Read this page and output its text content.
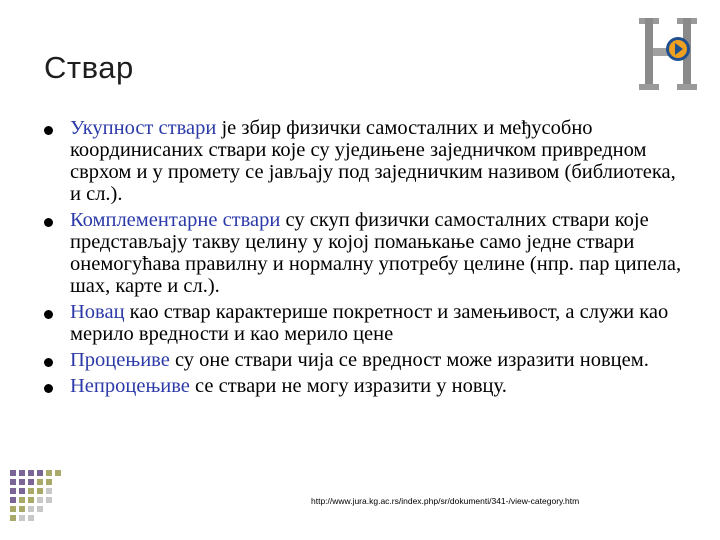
Ствар
Укупност ствари је збир физички самосталних и међусобно координисаних ствари које су уједињене заједничком привредном сврхом и у промету се јављају под заједничким називом (библиотека, и сл.).
Комплементарне ствари су скуп физички самосталних ствари које представљају такву целину у којој помањкање само једне ствари онемогућава правилну и нормалну употребу целине (нпр. пар ципела, шах, карте и сл.).
Новац као ствар карактерише покретност и замењивост, а служи као мерило вредности и као мерило цене
Процењиве су оне ствари чија се вредност може изразити новцем.
Непроцењиве се ствари не могу изразити у новцу.
http://www.jura.kg.ac.rs/index.php/sr/dokumenti/341-/view-category.htm
